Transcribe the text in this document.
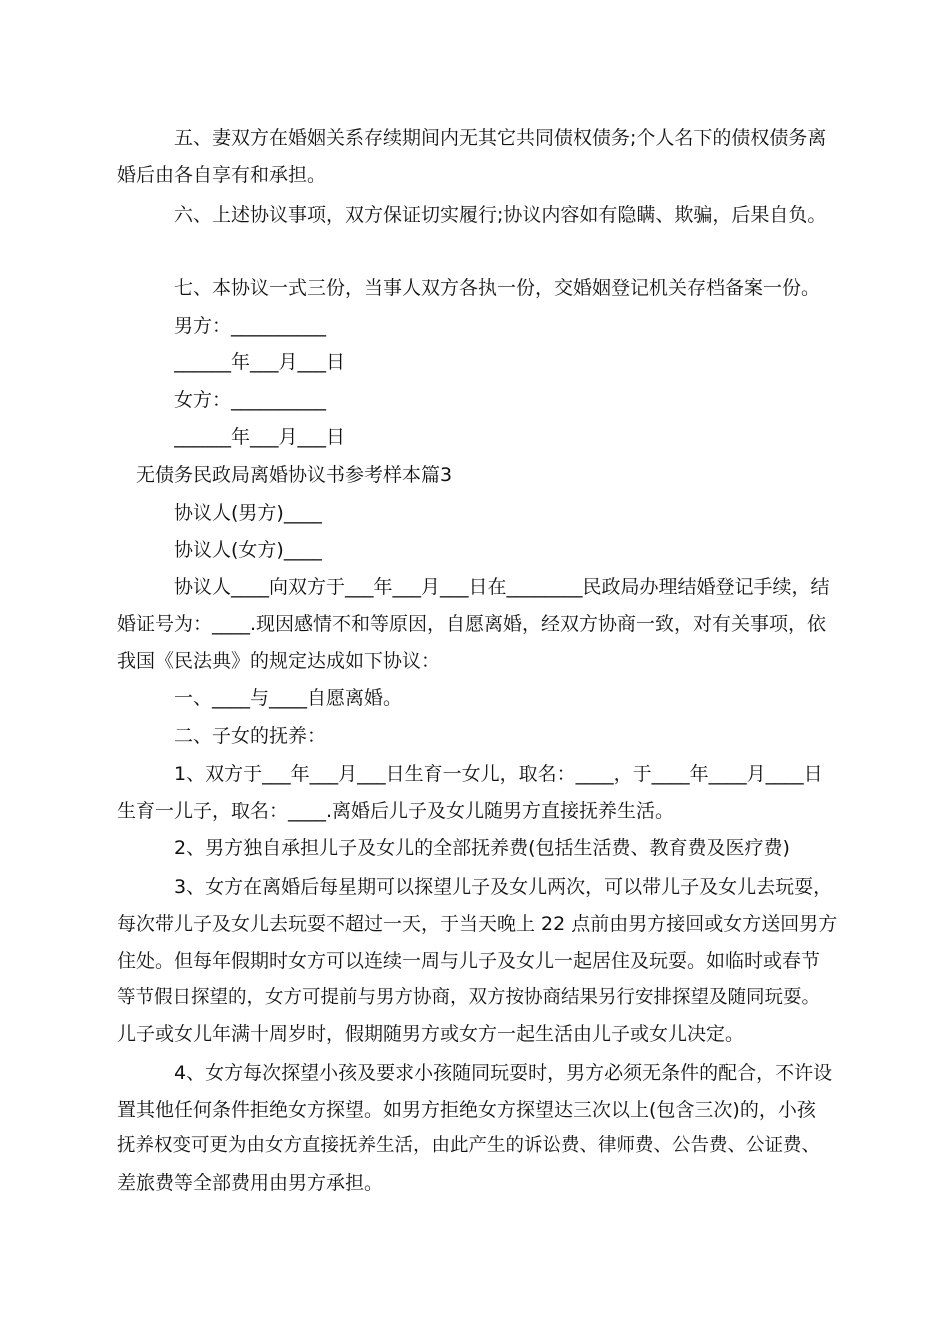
五、妻双方在婚姻关系存续期间内无其它共同债权债务;个人名下的债权债务离
婚后由各自享有和承担。
六、上述协议事项，双方保证切实履行;协议内容如有隐瞒、欺骗，后果自负。
七、本协议一式三份，当事人双方各执一份，交婚姻登记机关存档备案一份。
男方：__________
______年___月___日
女方：__________
______年___月___日
无债务民政局离婚协议书参考样本篇3
协议人(男方)____
协议人(女方)____
协议人____向双方于___年___月___日在________民政局办理结婚登记手续，结
婚证号为：____.现因感情不和等原因，自愿离婚，经双方协商一致，对有关事项，依
我国《民法典》的规定达成如下协议：
一、____与____自愿离婚。
二、子女的抚养：
1、双方于___年___月___日生育一女儿，取名：____，于____年____月____日
生育一儿子，取名：____.离婚后儿子及女儿随男方直接抚养生活。
2、男方独自承担儿子及女儿的全部抚养费(包括生活费、教育费及医疗费)
3、女方在离婚后每星期可以探望儿子及女儿两次，可以带儿子及女儿去玩耍，
每次带儿子及女儿去玩耍不超过一天，于当天晚上 22 点前由男方接回或女方送回男方
住处。但每年假期时女方可以连续一周与儿子及女儿一起居住及玩耍。如临时或春节
等节假日探望的，女方可提前与男方协商，双方按协商结果另行安排探望及随同玩耍。
儿子或女儿年满十周岁时，假期随男方或女方一起生活由儿子或女儿决定。
4、女方每次探望小孩及要求小孩随同玩耍时，男方必须无条件的配合，不许设
置其他任何条件拒绝女方探望。如男方拒绝女方探望达三次以上(包含三次)的，小孩
抚养权变可更为由女方直接抚养生活，由此产生的诉讼费、律师费、公告费、公证费、
差旅费等全部费用由男方承担。
